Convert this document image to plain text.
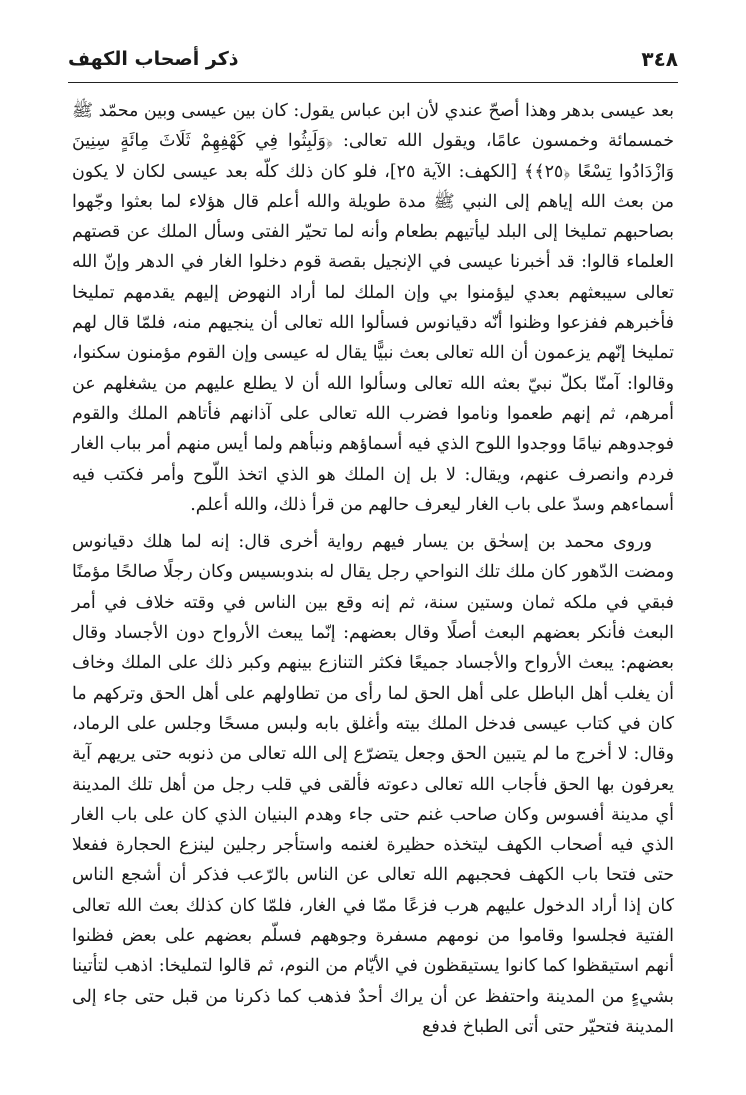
٣٤٨
ذكر أصحاب الكهف

بعد عيسى بدهر وهذا أصحّ عندي لأن ابن عباس يقول: كان بين عيسى وبين محمّد ﷺ خمسمائة وخمسون عامًا، ويقول الله تعالى: ﴿وَلَبِثُوا فِي كَهْفِهِمْ ثَلَاثَ مِائَةٍ سِنِينَ وَازْدَادُوا تِسْعًا ﴿٢٥﴾﴾ [الكهف: الآية ٢٥]، فلو كان ذلك كلّه بعد عيسى لكان لا يكون من بعث الله إياهم إلى النبي ﷺ مدة طويلة والله أعلم قال هؤلاء لما بعثوا وجّهوا بصاحبهم تمليخا إلى البلد ليأتيهم بطعام وأنه لما تحيّر الفتى وسأل الملك عن قصتهم العلماء قالوا: قد أخبرنا عيسى في الإنجيل بقصة قوم دخلوا الغار في الدهر وإنّ الله تعالى سيبعثهم بعدي ليؤمنوا بي وإن الملك لما أراد النهوض إليهم يقدمهم تمليخا فأخبرهم ففزعوا وظنوا أنّه دقيانوس فسألوا الله تعالى أن ينجيهم منه، فلمّا قال لهم تمليخا إنّهم يزعمون أن الله تعالى بعث نبيًّا يقال له عيسى وإن القوم مؤمنون سكنوا، وقالوا: آمنّا بكلّ نبيّ بعثه الله تعالى وسألوا الله أن لا يطلع عليهم من يشغلهم عن أمرهم، ثم إنهم طعموا وناموا فضرب الله تعالى على آذانهم فأتاهم الملك والقوم فوجدوهم نيامًا ووجدوا اللوح الذي فيه أسماؤهم ونبأهم ولما أيس منهم أمر بباب الغار فردم وانصرف عنهم، ويقال: لا بل إن الملك هو الذي اتخذ اللّوح وأمر فكتب فيه أسماءهم وسدّ على باب الغار ليعرف حالهم من قرأ ذلك، والله أعلم.

وروى محمد بن إسحٰق بن يسار فيهم رواية أخرى قال: إنه لما هلك دقيانوس ومضت الدّهور كان ملك تلك النواحي رجل يقال له بندوبسيس وكان رجلًا صالحًا مؤمنًا فبقي في ملكه ثمان وستين سنة، ثم إنه وقع بين الناس في وقته خلاف في أمر البعث فأنكر بعضهم البعث أصلًا وقال بعضهم: إنّما يبعث الأرواح دون الأجساد وقال بعضهم: يبعث الأرواح والأجساد جميعًا فكثر التنازع بينهم وكبر ذلك على الملك وخاف أن يغلب أهل الباطل على أهل الحق لما رأى من تطاولهم على أهل الحق وتركهم ما كان في كتاب عيسى فدخل الملك بيته وأغلق بابه ولبس مسحًا وجلس على الرماد، وقال: لا أخرج ما لم يتبين الحق وجعل يتضرّع إلى الله تعالى من ذنوبه حتى يريهم آية يعرفون بها الحق فأجاب الله تعالى دعوته فألقى في قلب رجل من أهل تلك المدينة أي مدينة أفسوس وكان صاحب غنم حتى جاء وهدم البنيان الذي كان على باب الغار الذي فيه أصحاب الكهف ليتخذه حظيرة لغنمه واستأجر رجلين لينزع الحجارة ففعلا حتى فتحا باب الكهف فحجبهم الله تعالى عن الناس بالرّعب فذكر أن أشجع الناس كان إذا أراد الدخول عليهم هرب فزعًا ممّا في الغار، فلمّا كان كذلك بعث الله تعالى الفتية فجلسوا وقاموا من نومهم مسفرة وجوههم فسلّم بعضهم على بعض فظنوا أنهم استيقظوا كما كانوا يستيقظون في الأيّام من النوم، ثم قالوا لتمليخا: اذهب لتأتينا بشيءٍ من المدينة واحتفظ عن أن يراك أحدٌ فذهب كما ذكرنا من قبل حتى جاء إلى المدينة فتحيّر حتى أتى الطباخ فدفع
